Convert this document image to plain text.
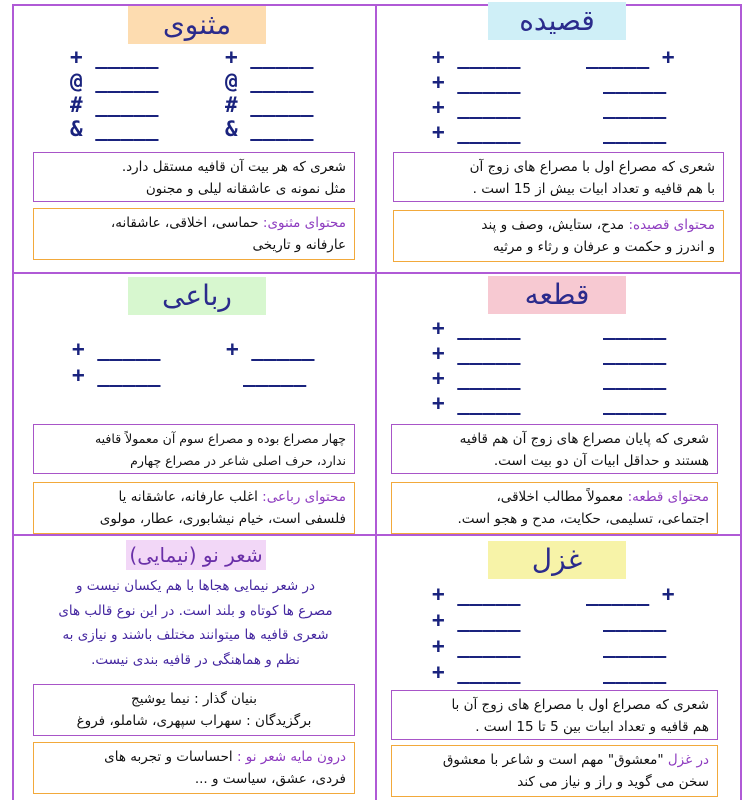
مثنوی
+ _____
@ _____
# _____
& _____
+ _____
@ _____
# _____
& _____
شعری که هر بیت آن قافیه مستقل دارد.
مثل نمونه ی عاشقانه لیلی و مجنون
محتوای مثنوی: حماسی، اخلاقی، عاشقانه،
عارفانه و تاریخی
قصیده
+ _____
+ _____
+ _____
+ _____
_____ +
_____
_____
_____
شعری که مصراع اول با مصراع های زوج آن
با هم قافیه و تعداد ابیات بیش از 15 است .
محتوای قصیده: مدح، ستایش، وصف و پند
و اندرز و حکمت و عرفان و رثاء و مرثیه
رباعی
+ _____
+ _____
+ _____
_____
چهار مصراع بوده و مصراع سوم آن معمولاً قافیه
ندارد، حرف اصلی شاعر در مصراع چهارم
محتوای رباعی: اغلب عارفانه، عاشقانه یا
فلسفی است، خیام نیشابوری، عطار، مولوی
قطعه
+ _____
+ _____
+ _____
+ _____
_____
_____
_____
_____
شعری که پایان مصراع های زوج آن هم قافیه
هستند و حداقل ابیات آن دو بیت است.
محتوای قطعه: معمولاً مطالب اخلاقی،
اجتماعی، تسلیمی، حکایت، مدح و هجو است.
شعر نو (نیمایی)
در شعر نیمایی هجاها با هم یکسان نیست و
مصرع ها کوتاه و بلند است. در این نوع قالب های
شعری قافیه ها میتوانند مختلف باشند و نیازی به
نظم و هماهنگی در قافیه بندی نیست.
بنیان گذار : نیما یوشیج
برگزیدگان : سهراب سپهری، شاملو، فروغ
درون مایه شعر نو : احساسات و تجربه های
فردی، عشق، سیاست و ...
غزل
+ _____
+ _____
+ _____
+ _____
_____ +
_____
_____
_____
شعری که مصراع اول با مصراع های زوج آن با
هم قافیه و تعداد ابیات بین 5 تا 15 است .
در غزل "معشوق" مهم است و شاعر با معشوق
سخن می گوید و راز و نیاز می کند
